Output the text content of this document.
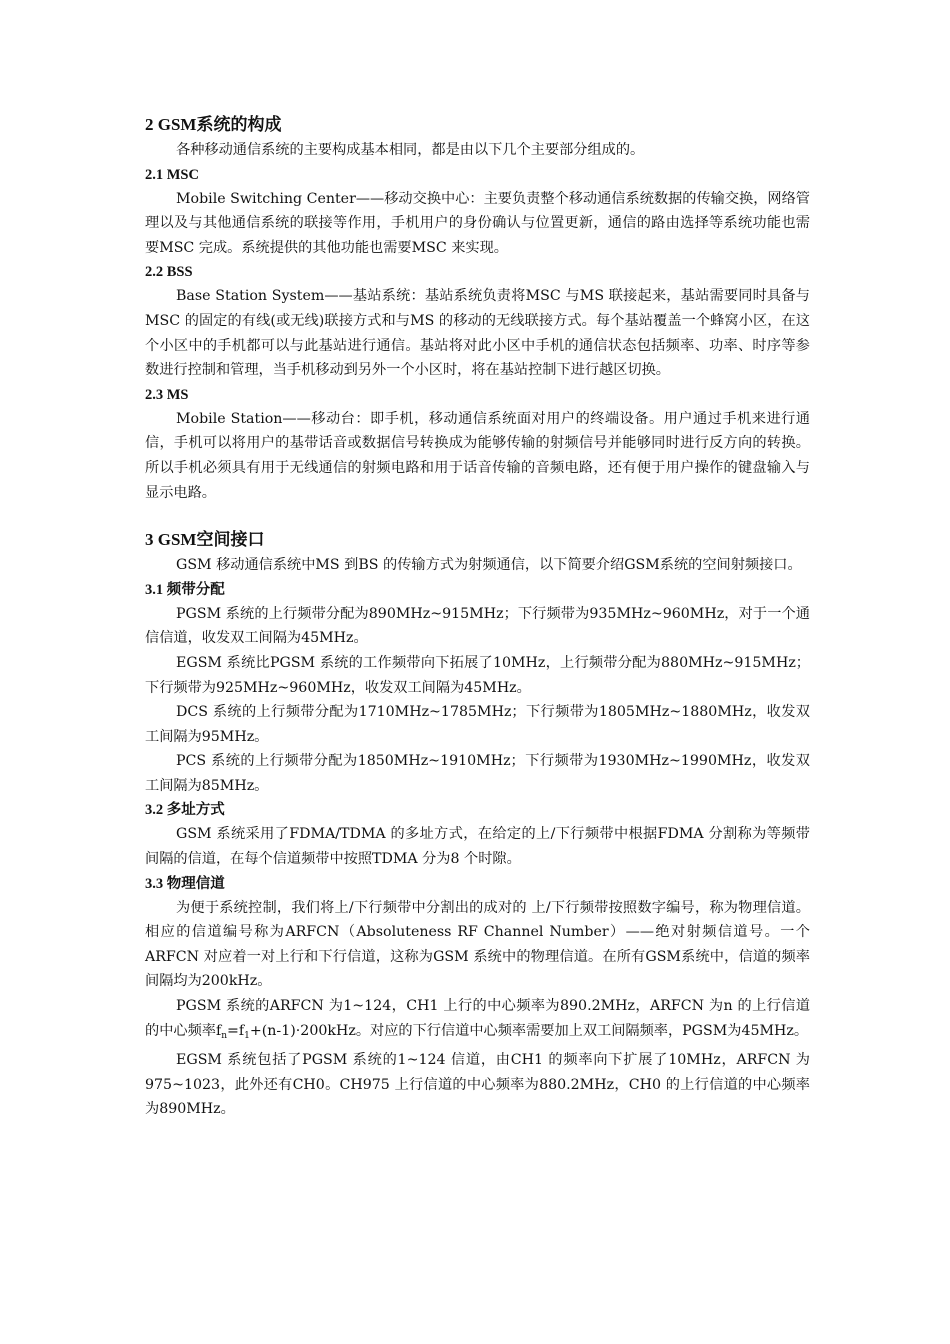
2 GSM系统的构成

各种移动通信系统的主要构成基本相同，都是由以下几个主要部分组成的。

2.1 MSC

Mobile Switching Center——移动交换中心：主要负责整个移动通信系统数据的传输交换，网络管理以及与其他通信系统的联接等作用，手机用户的身份确认与位置更新，通信的路由选择等系统功能也需要MSC 完成。系统提供的其他功能也需要MSC 来实现。

2.2 BSS

Base Station System——基站系统：基站系统负责将MSC 与MS 联接起来，基站需要同时具备与MSC 的固定的有线(或无线)联接方式和与MS 的移动的无线联接方式。每个基站覆盖一个蜂窝小区，在这个小区中的手机都可以与此基站进行通信。基站将对此小区中手机的通信状态包括频率、功率、时序等参数进行控制和管理，当手机移动到另外一个小区时，将在基站控制下进行越区切换。

2.3 MS

Mobile Station——移动台：即手机，移动通信系统面对用户的终端设备。用户通过手机来进行通信，手机可以将用户的基带话音或数据信号转换成为能够传输的射频信号并能够同时进行反方向的转换。所以手机必须具有用于无线通信的射频电路和用于话音传输的音频电路，还有便于用户操作的键盘输入与显示电路。

3 GSM空间接口

GSM 移动通信系统中MS 到BS 的传输方式为射频通信，以下简要介绍GSM系统的空间射频接口。

3.1 频带分配

PGSM 系统的上行频带分配为890MHz~915MHz；下行频带为935MHz~960MHz，对于一个通信信道，收发双工间隔为45MHz。

EGSM 系统比PGSM 系统的工作频带向下拓展了10MHz，上行频带分配为880MHz~915MHz；下行频带为925MHz~960MHz，收发双工间隔为45MHz。

DCS 系统的上行频带分配为1710MHz~1785MHz；下行频带为1805MHz~1880MHz，收发双工间隔为95MHz。

PCS 系统的上行频带分配为1850MHz~1910MHz；下行频带为1930MHz~1990MHz，收发双工间隔为85MHz。

3.2 多址方式

GSM 系统采用了FDMA/TDMA 的多址方式，在给定的上/下行频带中根据FDMA 分割称为等频带间隔的信道，在每个信道频带中按照TDMA 分为8 个时隙。

3.3 物理信道

为便于系统控制，我们将上/下行频带中分割出的成对的 上/下行频带按照数字编号，称为物理信道。相应的信道编号称为ARFCN（Absoluteness RF Channel Number）——绝对射频信道号。一个ARFCN 对应着一对上行和下行信道，这称为GSM 系统中的物理信道。在所有GSM系统中，信道的频率间隔均为200kHz。

PGSM 系统的ARFCN 为1~124，CH1 上行的中心频率为890.2MHz，ARFCN 为n 的上行信道的中心频率$f_n=f_1+(n-1)\cdot 200kHz$。对应的下行信道中心频率需要加上双工间隔频率，PGSM为45MHz。

EGSM 系统包括了PGSM 系统的1~124 信道，由CH1 的频率向下扩展了10MHz，ARFCN 为975~1023，此外还有CH0。CH975 上行信道的中心频率为880.2MHz，CH0 的上行信道的中心频率为890MHz。
